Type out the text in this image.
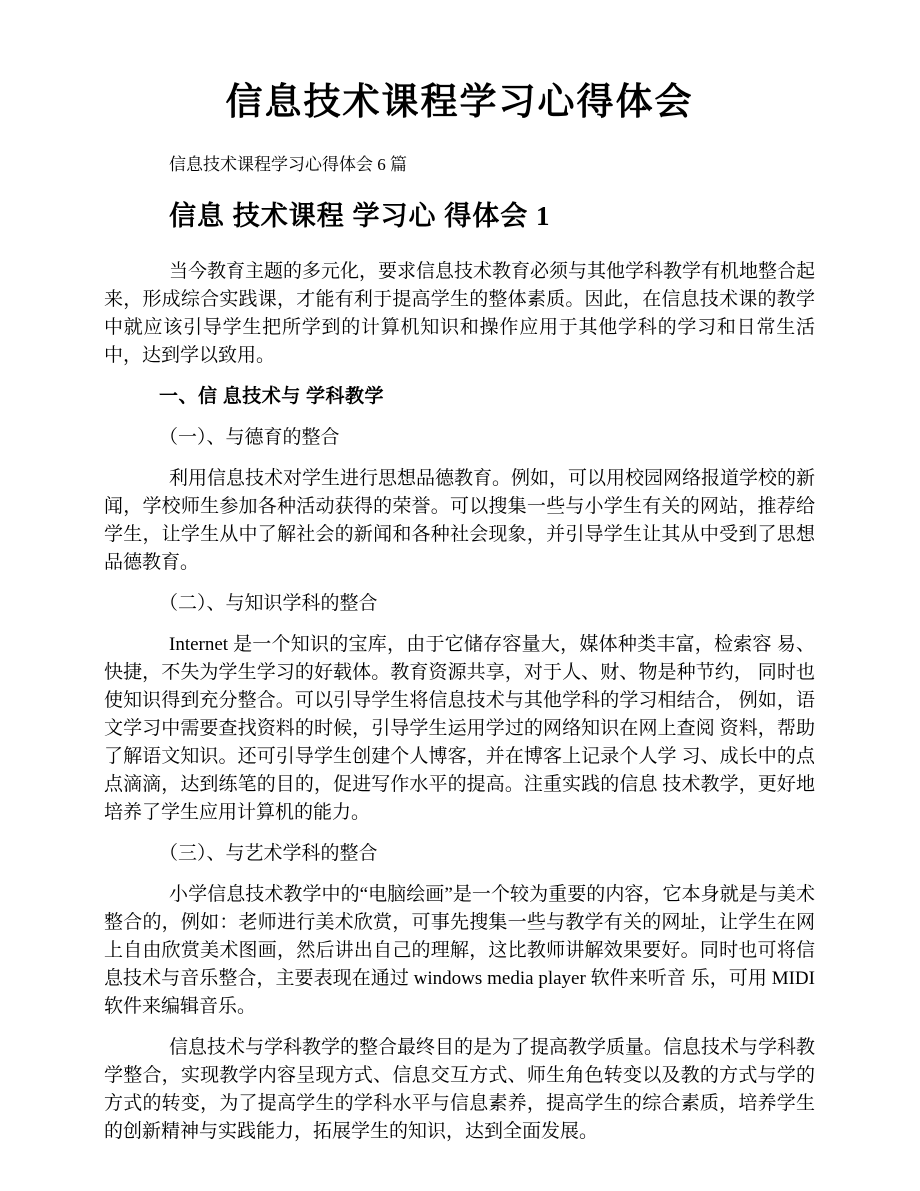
信息技术课程学习心得体会

信息技术课程学习心得体会 6 篇

信息 技术课程 学习心 得体会 1

当今教育主题的多元化，要求信息技术教育必须与其他学科教学有机地整合起来，形成综合实践课，才能有利于提高学生的整体素质。因此，在信息技术课的教学中就应该引导学生把所学到的计算机知识和操作应用于其他学科的学习和日常生活中，达到学以致用。

一、信 息技术与 学科教学

（一）、与德育的整合

利用信息技术对学生进行思想品德教育。例如，可以用校园网络报道学校的新闻，学校师生参加各种活动获得的荣誉。可以搜集一些与小学生有关的网站，推荐给学生，让学生从中了解社会的新闻和各种社会现象，并引导学生让其从中受到了思想品德教育。

（二）、与知识学科的整合

Internet 是一个知识的宝库，由于它储存容量大，媒体种类丰富，检索容 易、快捷，不失为学生学习的好载体。教育资源共享，对于人、财、物是种节约， 同时也使知识得到充分整合。可以引导学生将信息技术与其他学科的学习相结合， 例如，语文学习中需要查找资料的时候，引导学生运用学过的网络知识在网上查阅 资料，帮助了解语文知识。还可引导学生创建个人博客，并在博客上记录个人学 习、成长中的点点滴滴，达到练笔的目的，促进写作水平的提高。注重实践的信息 技术教学，更好地培养了学生应用计算机的能力。

（三）、与艺术学科的整合

小学信息技术教学中的“电脑绘画”是一个较为重要的内容，它本身就是与美术整合的，例如：老师进行美术欣赏，可事先搜集一些与教学有关的网址，让学生在网上自由欣赏美术图画，然后讲出自己的理解，这比教师讲解效果要好。同时也可将信息技术与音乐整合，主要表现在通过 windows media player 软件来听音 乐，可用 MIDI 软件来编辑音乐。

信息技术与学科教学的整合最终目的是为了提高教学质量。信息技术与学科教学整合，实现教学内容呈现方式、信息交互方式、师生角色转变以及教的方式与学的方式的转变，为了提高学生的学科水平与信息素养，提高学生的综合素质，培养学生的创新精神与实践能力，拓展学生的知识，达到全面发展。
